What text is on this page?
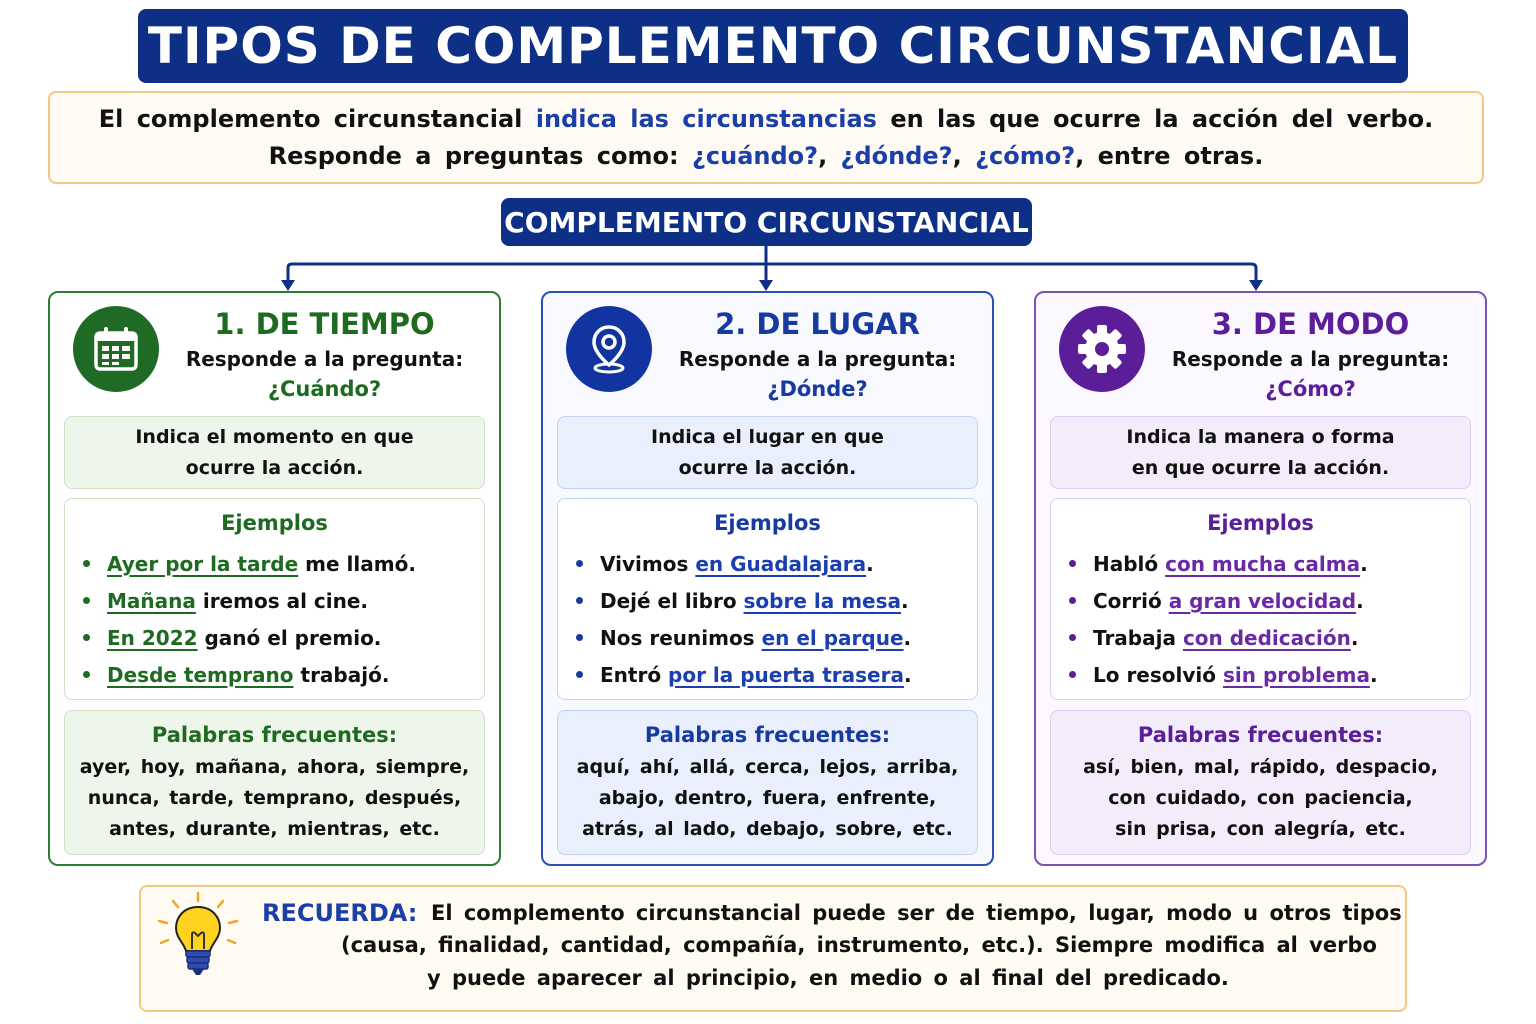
TIPOS DE COMPLEMENTO CIRCUNSTANCIAL
El complemento circunstancial indica las circunstancias en las que ocurre la acción del verbo.
Responde a preguntas como: ¿cuándo?, ¿dónde?, ¿cómo?, entre otras.
COMPLEMENTO CIRCUNSTANCIAL
1. DE TIEMPO
Responde a la pregunta:
¿Cuándo?
Indica el momento en que
ocurre la acción.
Ejemplos
Ayer por la tarde me llamó.
Mañana iremos al cine.
En 2022 ganó el premio.
Desde temprano trabajó.
Palabras frecuentes:
ayer, hoy, mañana, ahora, siempre,
nunca, tarde, temprano, después,
antes, durante, mientras, etc.
2. DE LUGAR
Responde a la pregunta:
¿Dónde?
Indica el lugar en que
ocurre la acción.
Ejemplos
Vivimos en Guadalajara .
Dejé el libro sobre la mesa .
Nos reunimos en el parque .
Entró por la puerta trasera .
Palabras frecuentes:
aquí, ahí, allá, cerca, lejos, arriba,
abajo, dentro, fuera, enfrente,
atrás, al lado, debajo, sobre, etc.
3. DE MODO
Responde a la pregunta:
¿Cómo?
Indica la manera o forma
en que ocurre la acción.
Ejemplos
Habló con mucha calma .
Corrió a gran velocidad .
Trabaja con dedicación .
Lo resolvió sin problema .
Palabras frecuentes:
así, bien, mal, rápido, despacio,
con cuidado, con paciencia,
sin prisa, con alegría, etc.
RECUERDA: El complemento circunstancial puede ser de tiempo, lugar, modo u otros tipos
(causa, finalidad, cantidad, compañía, instrumento, etc.). Siempre modifica al verbo
y puede aparecer al principio, en medio o al final del predicado.
